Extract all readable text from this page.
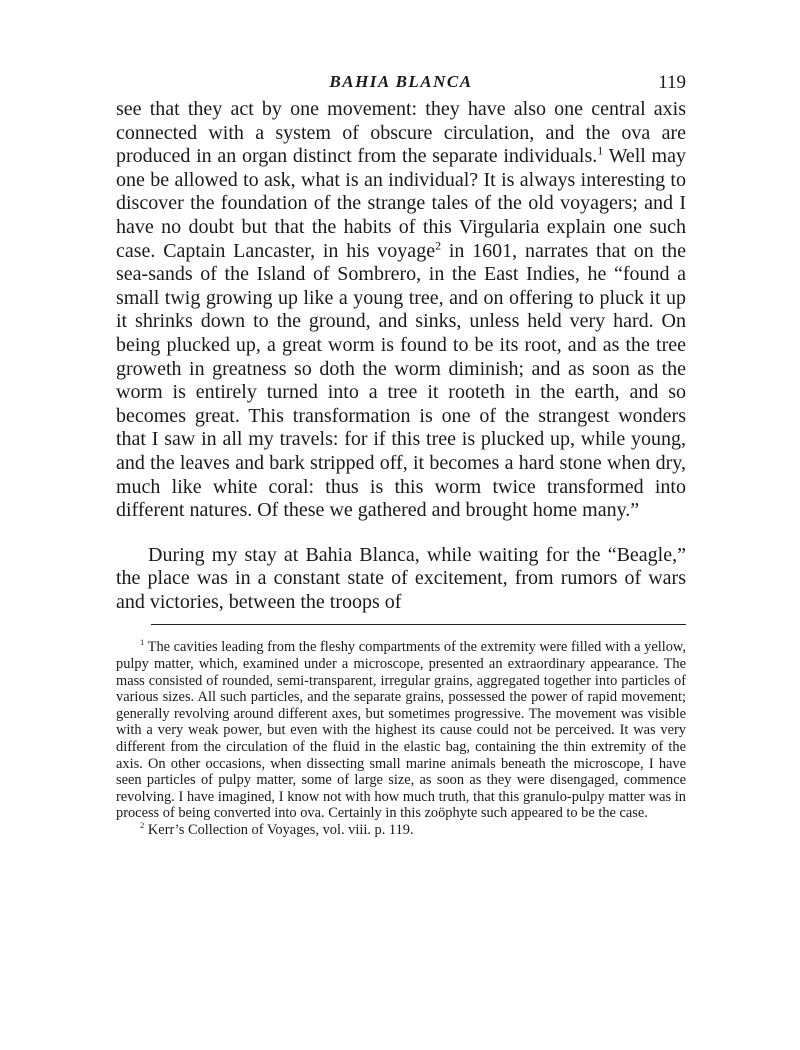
BAHIA BLANCA	119

see that they act by one movement: they have also one central axis connected with a system of obscure circulation, and the ova are produced in an organ distinct from the separate individuals.$^1$ Well may one be allowed to ask, what is an individual? It is always interesting to discover the foundation of the strange tales of the old voyagers; and I have no doubt but that the habits of this Virgularia explain one such case. Captain Lancaster, in his voyage$^2$ in 1601, narrates that on the sea-sands of the Island of Sombrero, in the East Indies, he “found a small twig growing up like a young tree, and on offering to pluck it up it shrinks down to the ground, and sinks, unless held very hard. On being plucked up, a great worm is found to be its root, and as the tree groweth in greatness so doth the worm diminish; and as soon as the worm is entirely turned into a tree it rooteth in the earth, and so becomes great. This transformation is one of the strangest wonders that I saw in all my travels: for if this tree is plucked up, while young, and the leaves and bark stripped off, it becomes a hard stone when dry, much like white coral: thus is this worm twice transformed into different natures. Of these we gathered and brought home many.”

During my stay at Bahia Blanca, while waiting for the “Beagle,” the place was in a constant state of excitement, from rumors of wars and victories, between the troops of

$^1$ The cavities leading from the fleshy compartments of the extremity were filled with a yellow, pulpy matter, which, examined under a microscope, presented an extraordinary appearance. The mass consisted of rounded, semi-transparent, irregular grains, aggregated together into particles of various sizes. All such particles, and the separate grains, possessed the power of rapid movement; generally revolving around different axes, but sometimes progressive. The movement was visible with a very weak power, but even with the highest its cause could not be perceived. It was very different from the circulation of the fluid in the elastic bag, containing the thin extremity of the axis. On other occasions, when dissecting small marine animals beneath the microscope, I have seen particles of pulpy matter, some of large size, as soon as they were disengaged, commence revolving. I have imagined, I know not with how much truth, that this granulo-pulpy matter was in process of being converted into ova. Certainly in this zoöphyte such appeared to be the case.

$^2$ Kerr’s Collection of Voyages, vol. viii. p. 119.
